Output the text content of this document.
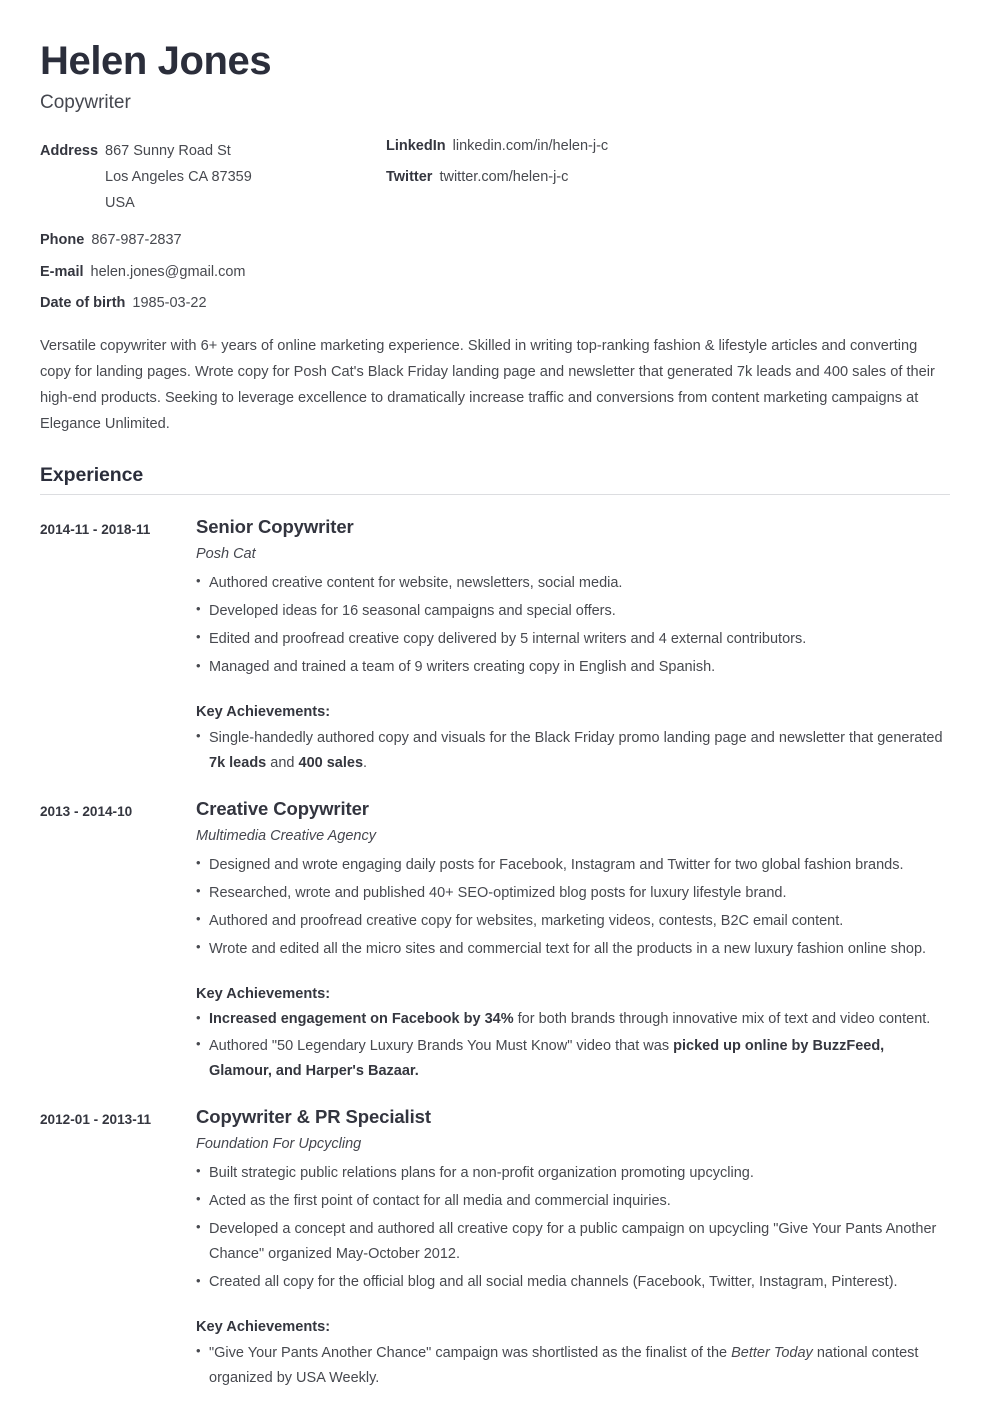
Helen Jones
Copywriter
Address 867 Sunny Road St
Los Angeles CA 87359
USA
Phone 867-987-2837
E-mail helen.jones@gmail.com
Date of birth 1985-03-22
LinkedIn linkedin.com/in/helen-j-c
Twitter twitter.com/helen-j-c

Versatile copywriter with 6+ years of online marketing experience. Skilled in writing top-ranking fashion & lifestyle articles and converting copy for landing pages. Wrote copy for Posh Cat's Black Friday landing page and newsletter that generated 7k leads and 400 sales of their high-end products. Seeking to leverage excellence to dramatically increase traffic and conversions from content marketing campaigns at Elegance Unlimited.

Experience
2014-11 - 2018-11	Senior Copywriter
Posh Cat
• Authored creative content for website, newsletters, social media.
• Developed ideas for 16 seasonal campaigns and special offers.
• Edited and proofread creative copy delivered by 5 internal writers and 4 external contributors.
• Managed and trained a team of 9 writers creating copy in English and Spanish.
Key Achievements:
• Single-handedly authored copy and visuals for the Black Friday promo landing page and newsletter that generated 7k leads and 400 sales.
2013 - 2014-10	Creative Copywriter
Multimedia Creative Agency
• Designed and wrote engaging daily posts for Facebook, Instagram and Twitter for two global fashion brands.
• Researched, wrote and published 40+ SEO-optimized blog posts for luxury lifestyle brand.
• Authored and proofread creative copy for websites, marketing videos, contests, B2C email content.
• Wrote and edited all the micro sites and commercial text for all the products in a new luxury fashion online shop.
Key Achievements:
• Increased engagement on Facebook by 34% for both brands through innovative mix of text and video content.
• Authored "50 Legendary Luxury Brands You Must Know" video that was picked up online by BuzzFeed, Glamour, and Harper's Bazaar.
2012-01 - 2013-11	Copywriter & PR Specialist
Foundation For Upcycling
• Built strategic public relations plans for a non-profit organization promoting upcycling.
• Acted as the first point of contact for all media and commercial inquiries.
• Developed a concept and authored all creative copy for a public campaign on upcycling "Give Your Pants Another Chance" organized May-October 2012.
• Created all copy for the official blog and all social media channels (Facebook, Twitter, Instagram, Pinterest).
Key Achievements:
• "Give Your Pants Another Chance" campaign was shortlisted as the finalist of the Better Today national contest organized by USA Weekly.
